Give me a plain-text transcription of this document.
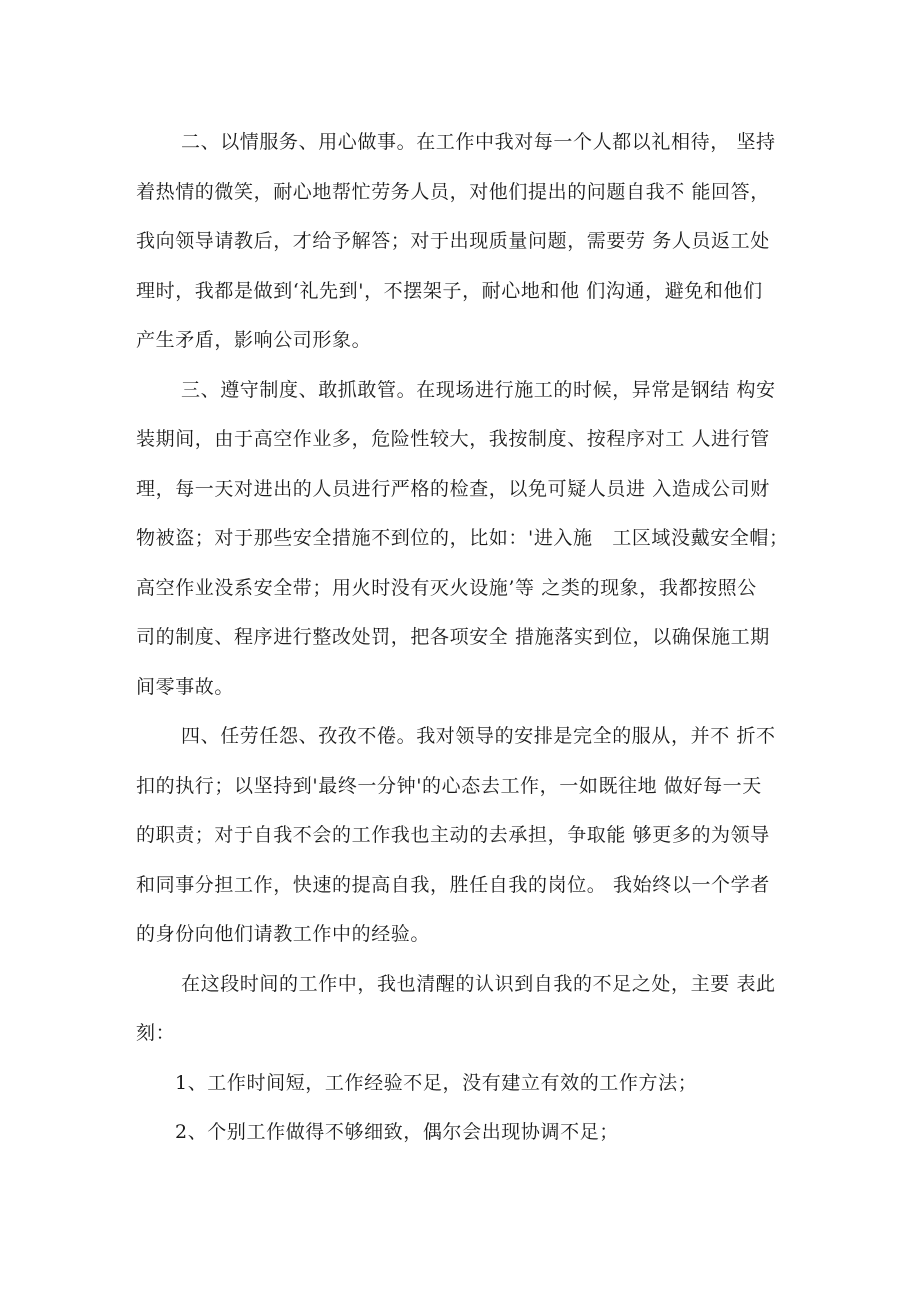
二、以情服务、用心做事。在工作中我对每一个人都以礼相待， 坚持

着热情的微笑，耐心地帮忙劳务人员，对他们提出的问题自我不 能回答，

我向领导请教后，才给予解答；对于出现质量问题，需要劳 务人员返工处

理时，我都是做到‘礼先到'，不摆架子，耐心地和他 们沟通，避免和他们

产生矛盾，影响公司形象。

三、遵守制度、敢抓敢管。在现场进行施工的时候，异常是钢结 构安

装期间，由于高空作业多，危险性较大，我按制度、按程序对工 人进行管

理，每一天对进出的人员进行严格的检查，以免可疑人员进 入造成公司财

物被盗；对于那些安全措施不到位的，比如：'进入施　工区域没戴安全帽；

高空作业没系安全带；用火时没有灭火设施’等 之类的现象，我都按照公

司的制度、程序进行整改处罚，把各项安全 措施落实到位，以确保施工期

间零事故。

四、任劳任怨、孜孜不倦。我对领导的安排是完全的服从，并不 折不

扣的执行；以坚持到'最终一分钟'的心态去工作，一如既往地 做好每一天

的职责；对于自我不会的工作我也主动的去承担，争取能 够更多的为领导

和同事分担工作，快速的提高自我，胜任自我的岗位。 我始终以一个学者

的身份向他们请教工作中的经验。

在这段时间的工作中，我也清醒的认识到自我的不足之处，主要 表此

刻：

1、工作时间短，工作经验不足，没有建立有效的工作方法；

2、个别工作做得不够细致，偶尔会出现协调不足；
